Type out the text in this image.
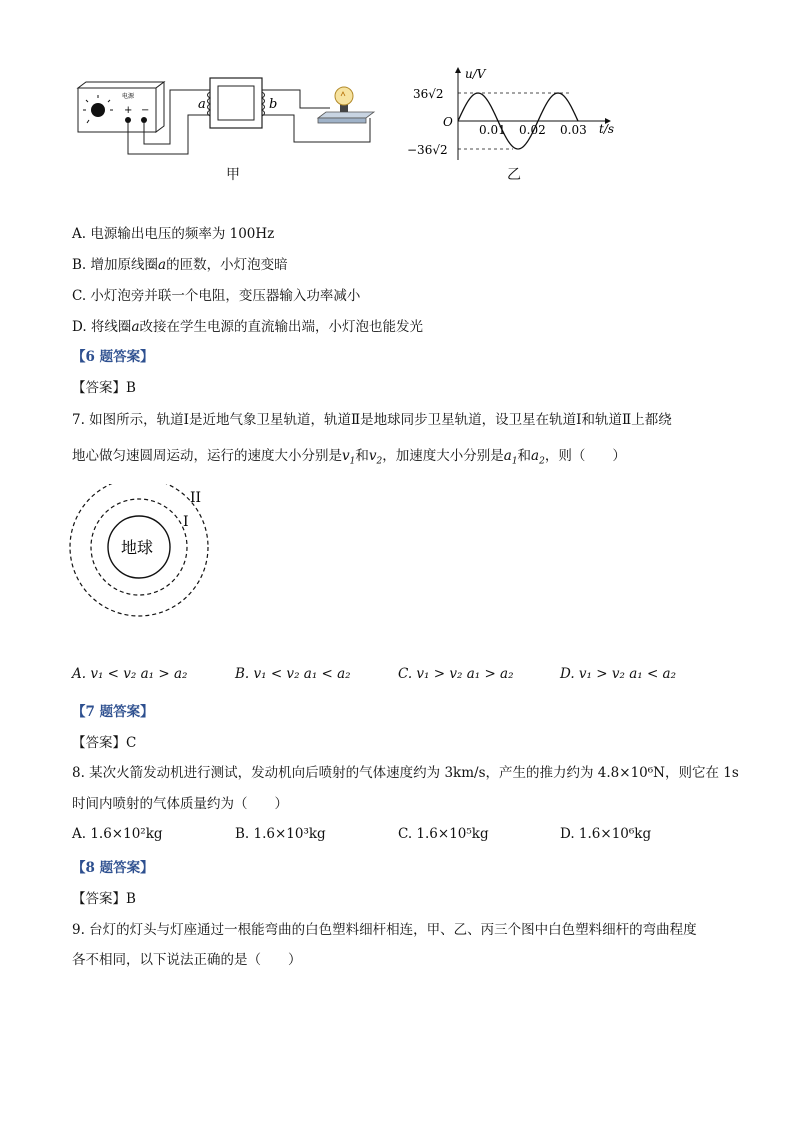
+ −
电源
a	b
甲
u/V
t/s
O
36√2
−36√2
0.01 0.02 0.03
乙
A. 电源输出电压的频率为 100Hz
B. 增加原线圈a的匝数，小灯泡变暗
C. 小灯泡旁并联一个电阻，变压器输入功率减小
D. 将线圈a改接在学生电源的直流输出端，小灯泡也能发光
【6 题答案】
【答案】B
7. 如图所示，轨道Ⅰ是近地气象卫星轨道，轨道Ⅱ是地球同步卫星轨道，设卫星在轨道Ⅰ和轨道Ⅱ上都绕
地心做匀速圆周运动，运行的速度大小分别是$v_1$和$v_2$，加速度大小分别是$a_1$和$a_2$，则（　　）
地球
I
II
A. v₁ < v₂ a₁ > a₂	B. v₁ < v₂ a₁ < a₂	C. v₁ > v₂ a₁ > a₂	D. v₁ > v₂ a₁ < a₂
【7 题答案】
【答案】C
8. 某次火箭发动机进行测试，发动机向后喷射的气体速度约为 3km/s，产生的推力约为 4.8×10⁶N，则它在 1s
时间内喷射的气体质量约为（　　）
A. 1.6×10²kg	B. 1.6×10³kg	C. 1.6×10⁵kg	D. 1.6×10⁶kg
【8 题答案】
【答案】B
9. 台灯的灯头与灯座通过一根能弯曲的白色塑料细杆相连，甲、乙、丙三个图中白色塑料细杆的弯曲程度
各不相同，以下说法正确的是（　　）
